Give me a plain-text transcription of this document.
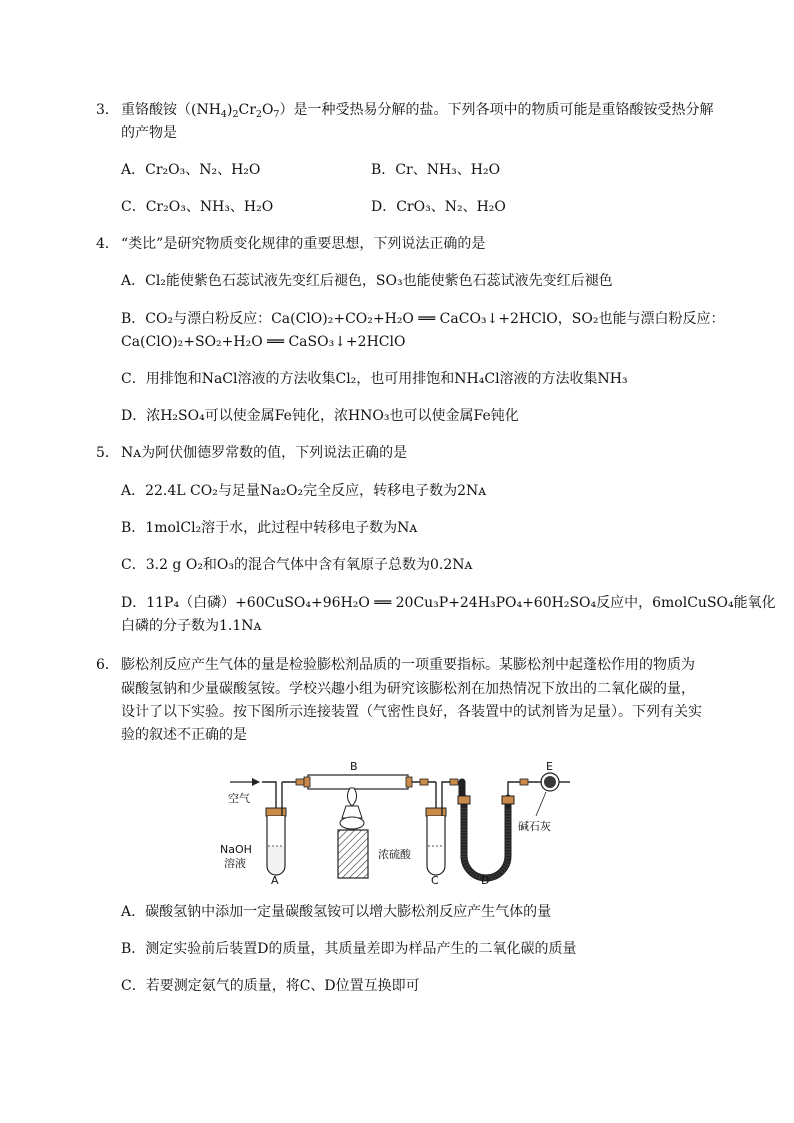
3． 重铬酸铵$((NH_4)_2Cr_2O_7)$是一种受热易分解的盐。下列各项中的物质可能是重铬酸铵受热分解
的产物是
A．Cr₂O₃、N₂、H₂O	B．Cr、NH₃、H₂O
C．Cr₂O₃、NH₃、H₂O	D．CrO₃、N₂、H₂O
4． “类比”是研究物质变化规律的重要思想，下列说法正确的是
A．Cl₂能使紫色石蕊试液先变红后褪色，SO₃也能使紫色石蕊试液先变红后褪色
B．CO₂与漂白粉反应：Ca(ClO)₂+CO₂+H₂O ══ CaCO₃↓+2HClO，SO₂也能与漂白粉反应：
Ca(ClO)₂+SO₂+H₂O ══ CaSO₃↓+2HClO
C．用排饱和NaCl溶液的方法收集Cl₂，也可用排饱和NH₄Cl溶液的方法收集NH₃
D．浓H₂SO₄可以使金属Fe钝化，浓HNO₃也可以使金属Fe钝化
5． Nᴀ为阿伏伽德罗常数的值，下列说法正确的是
A．22.4L CO₂与足量Na₂O₂完全反应，转移电子数为2Nᴀ
B．1molCl₂溶于水，此过程中转移电子数为Nᴀ
C．3.2 g O₂和O₃的混合气体中含有氧原子总数为0.2Nᴀ
D．11P₄（白磷）+60CuSO₄+96H₂O ══ 20Cu₃P+24H₃PO₄+60H₂SO₄反应中，6molCuSO₄能氧化
白磷的分子数为1.1Nᴀ
6． 膨松剂反应产生气体的量是检验膨松剂品质的一项重要指标。某膨松剂中起蓬松作用的物质为
碳酸氢钠和少量碳酸氢铵。学校兴趣小组为研究该膨松剂在加热情况下放出的二氧化碳的量，
设计了以下实验。按下图所示连接装置（气密性良好，各装置中的试剂皆为足量）。下列有关实
验的叙述不正确的是
空气
NaOH
溶液
A
B
浓硫酸
C	D
E
碱石灰
A．碳酸氢钠中添加一定量碳酸氢铵可以增大膨松剂反应产生气体的量
B．测定实验前后装置D的质量，其质量差即为样品产生的二氧化碳的质量
C．若要测定氨气的质量，将C、D位置互换即可
